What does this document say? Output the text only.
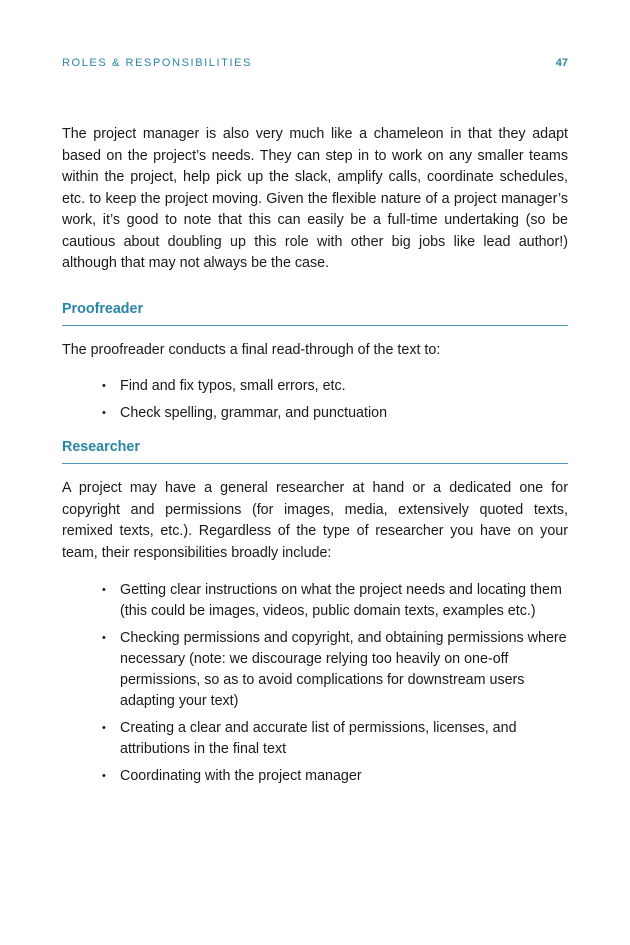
ROLES & RESPONSIBILITIES	47

The project manager is also very much like a chameleon in that they adapt based on the project’s needs. They can step in to work on any smaller teams within the project, help pick up the slack, amplify calls, coordinate schedules, etc. to keep the project moving. Given the flexible nature of a project manager’s work, it’s good to note that this can easily be a full-time undertaking (so be cautious about doubling up this role with other big jobs like lead author!) although that may not always be the case.

Proofreader

The proofreader conducts a final read-through of the text to:

• Find and fix typos, small errors, etc.
• Check spelling, grammar, and punctuation
Researcher

A project may have a general researcher at hand or a dedicated one for copyright and permissions (for images, media, extensively quoted texts, remixed texts, etc.). Regardless of the type of researcher you have on your team, their responsibilities broadly include:

• Getting clear instructions on what the project needs and locating them (this could be images, videos, public domain texts, examples etc.)
• Checking permissions and copyright, and obtaining permissions where necessary (note: we discourage relying too heavily on one-off permissions, so as to avoid complications for downstream users adapting your text)
• Creating a clear and accurate list of permissions, licenses, and attributions in the final text
• Coordinating with the project manager
